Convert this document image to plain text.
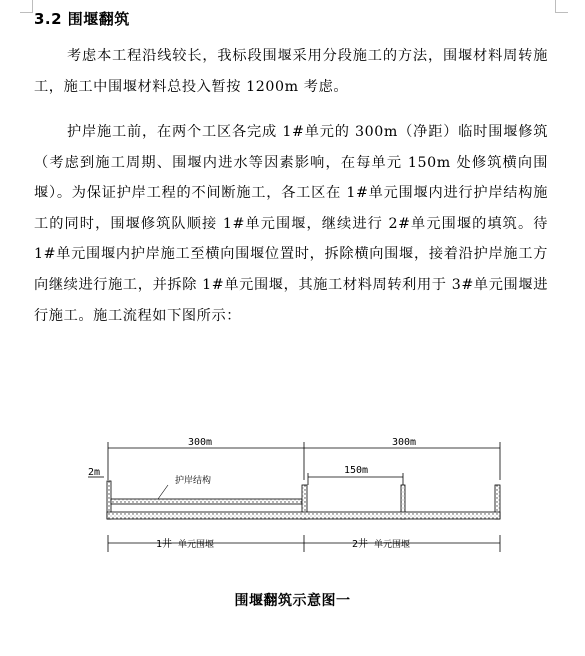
3.2 围堰翻筑

考虑本工程沿线较长，我标段围堰采用分段施工的方法，围堰材料周转施工，施工中围堰材料总投入暂按 1200m 考虑。

护岸施工前，在两个工区各完成 1#单元的 300m（净距）临时围堰修筑（考虑到施工周期、围堰内进水等因素影响，在每单元 150m 处修筑横向围堰）。为保证护岸工程的不间断施工，各工区在 1#单元围堰内进行护岸结构施工的同时，围堰修筑队顺接 1#单元围堰，继续进行 2#单元围堰的填筑。待 1#单元围堰内护岸施工至横向围堰位置时，拆除横向围堰，接着沿护岸施工方向继续进行施工，并拆除 1#单元围堰，其施工材料周转利用于 3#单元围堰进行施工。施工流程如下图所示：

300m	300m
150m
2m
护岸结构
1井 单元围堰	2井 单元围堰

围堰翻筑示意图一
